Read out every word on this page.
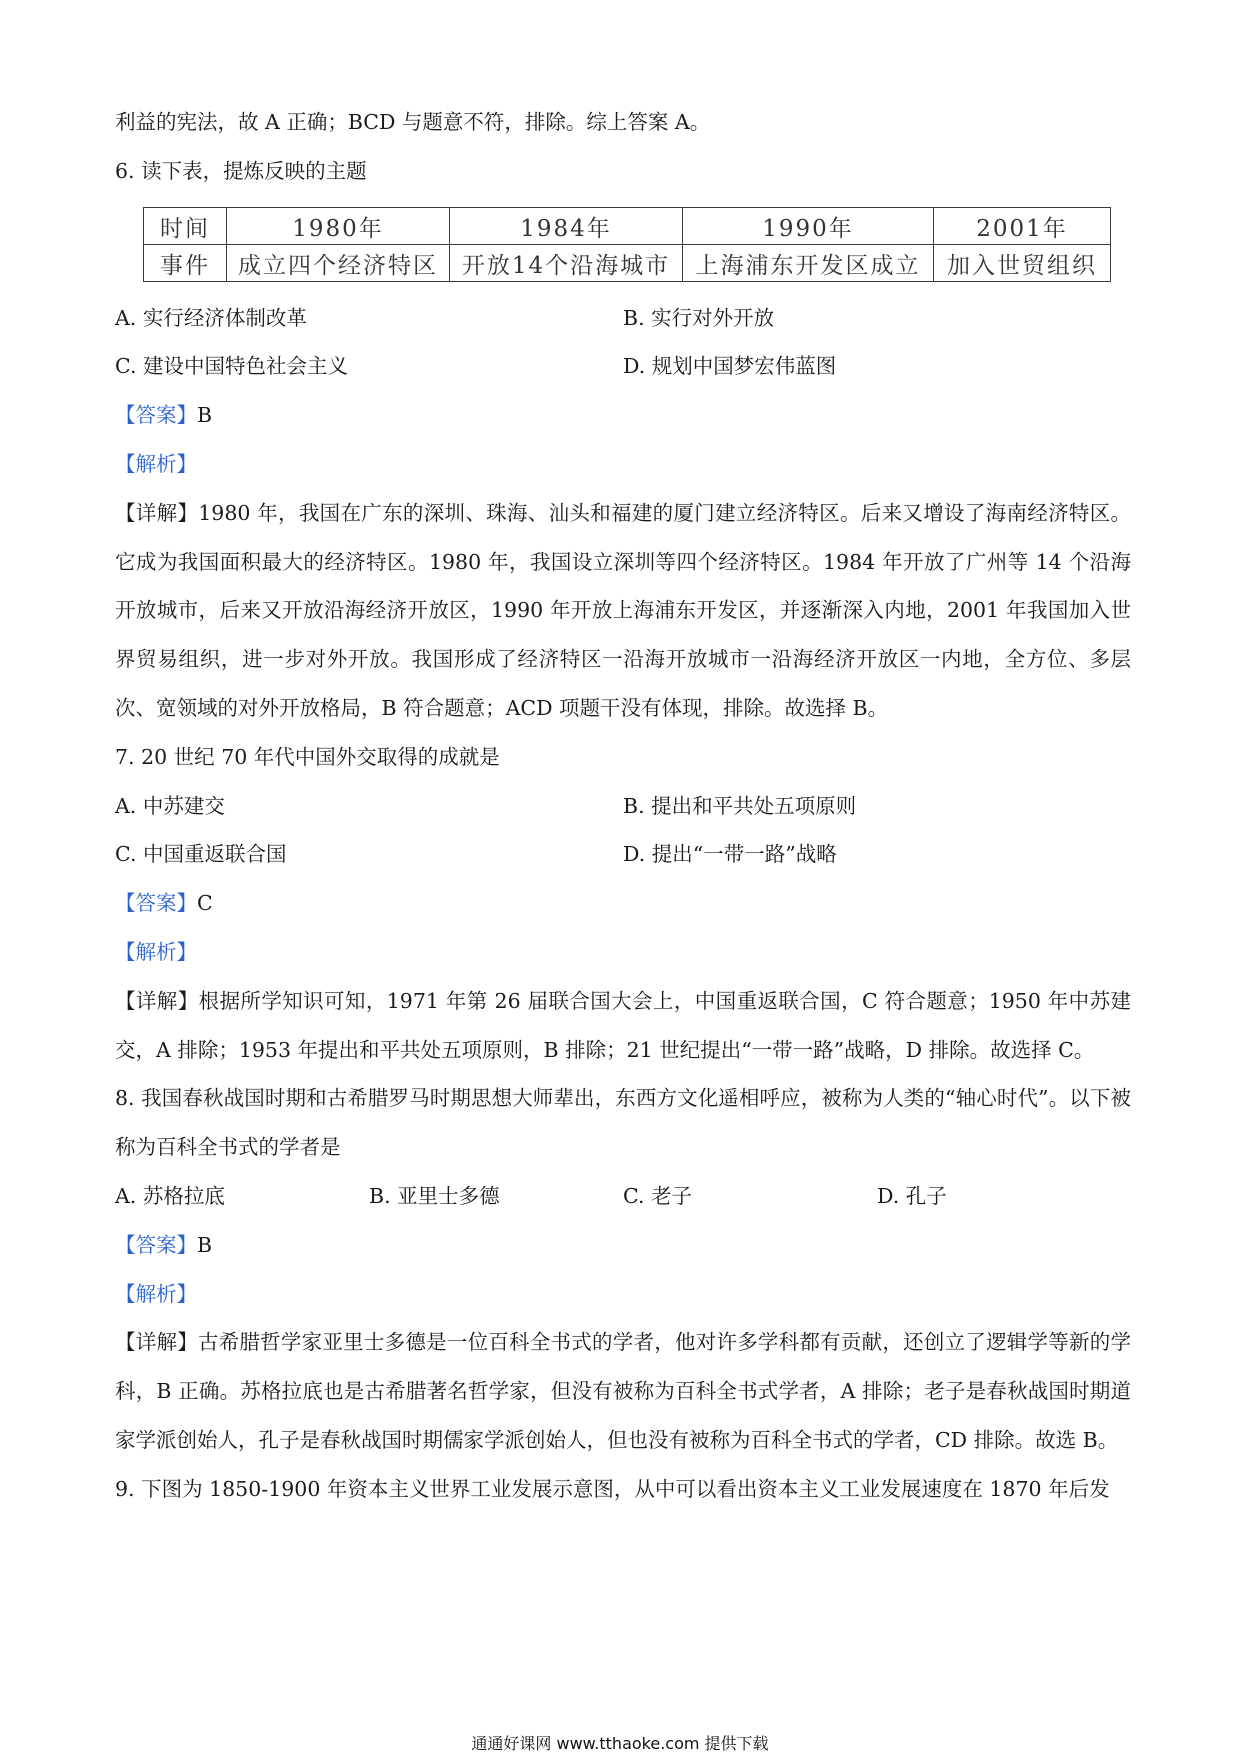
利益的宪法，故 A 正确；BCD 与题意不符，排除。综上答案 A。
6. 读下表，提炼反映的主题
时间	1980年	1984年	1990年	2001年
事件	成立四个经济特区	开放14个沿海城市	上海浦东开发区成立	加入世贸组织
A. 实行经济体制改革	B. 实行对外开放
C. 建设中国特色社会主义	D. 规划中国梦宏伟蓝图
【答案】B
【解析】
【详解】1980 年，我国在广东的深圳、珠海、汕头和福建的厦门建立经济特区。后来又增设了海南经济特区。它成为我国面积最大的经济特区。1980 年，我国设立深圳等四个经济特区。1984 年开放了广州等 14 个沿海开放城市，后来又开放沿海经济开放区，1990 年开放上海浦东开发区，并逐渐深入内地，2001 年我国加入世界贸易组织，进一步对外开放。我国形成了经济特区一沿海开放城市一沿海经济开放区一内地，全方位、多层次、宽领域的对外开放格局，B 符合题意；ACD 项题干没有体现，排除。故选择 B。
7. 20 世纪 70 年代中国外交取得的成就是
A. 中苏建交	B. 提出和平共处五项原则
C. 中国重返联合国	D. 提出“一带一路”战略
【答案】C
【解析】
【详解】根据所学知识可知，1971 年第 26 届联合国大会上，中国重返联合国，C 符合题意；1950 年中苏建交，A 排除；1953 年提出和平共处五项原则，B 排除；21 世纪提出“一带一路”战略，D 排除。故选择 C。
8. 我国春秋战国时期和古希腊罗马时期思想大师辈出，东西方文化遥相呼应，被称为人类的“轴心时代”。以下被称为百科全书式的学者是
A. 苏格拉底	B. 亚里士多德	C. 老子	D. 孔子
【答案】B
【解析】
【详解】古希腊哲学家亚里士多德是一位百科全书式的学者，他对许多学科都有贡献，还创立了逻辑学等新的学科，B 正确。苏格拉底也是古希腊著名哲学家，但没有被称为百科全书式学者，A 排除；老子是春秋战国时期道家学派创始人，孔子是春秋战国时期儒家学派创始人，但也没有被称为百科全书式的学者，CD 排除。故选 B。
9. 下图为 1850-1900 年资本主义世界工业发展示意图，从中可以看出资本主义工业发展速度在 1870 年后发
通通好课网 www.tthaoke.com 提供下载
